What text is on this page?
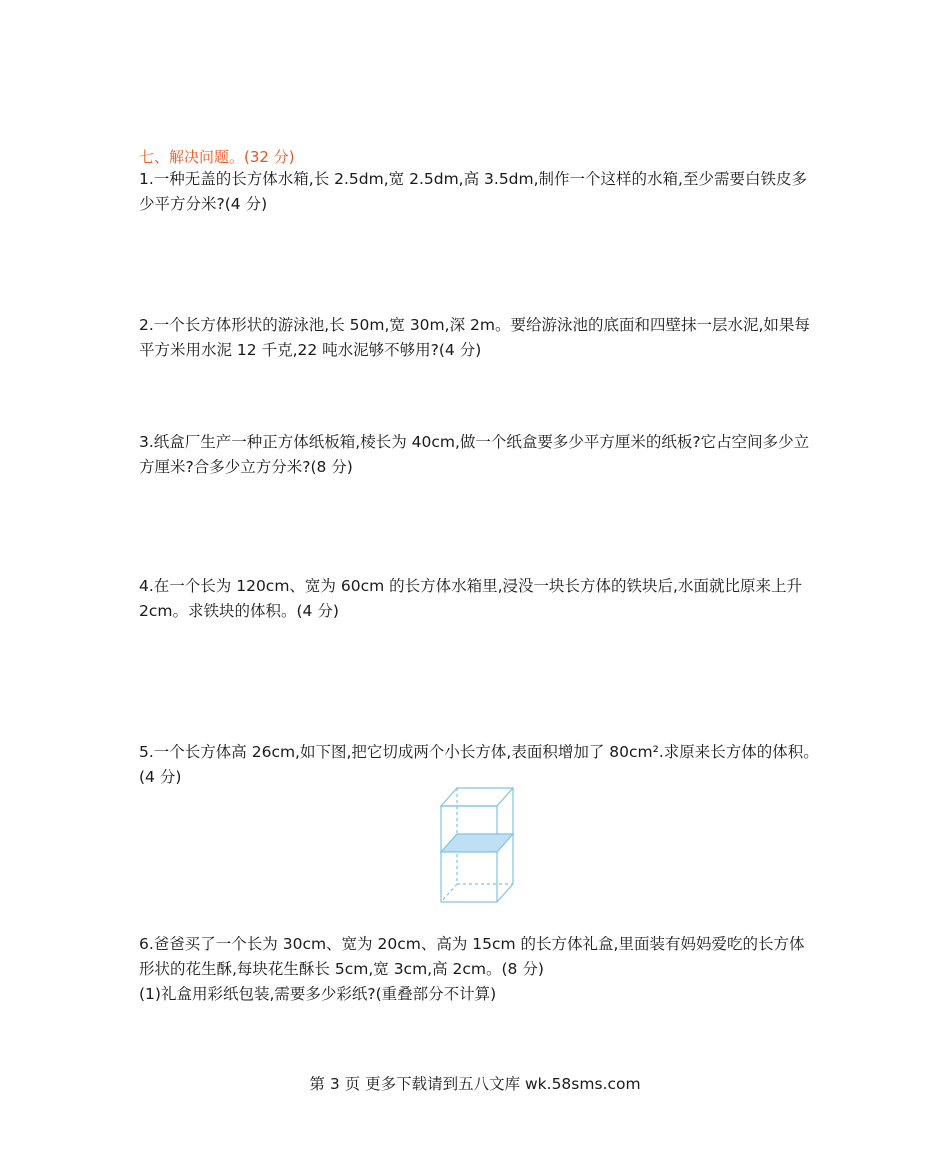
七、解决问题。(32 分)
1.一种无盖的长方体水箱,长 2.5dm,宽 2.5dm,高 3.5dm,制作一个这样的水箱,至少需要白铁皮多少平方分米?(4 分)
2.一个长方体形状的游泳池,长 50m,宽 30m,深 2m。要给游泳池的底面和四壁抹一层水泥,如果每平方米用水泥 12 千克,22 吨水泥够不够用?(4 分)
3.纸盒厂生产一种正方体纸板箱,棱长为 40cm,做一个纸盒要多少平方厘米的纸板?它占空间多少立方厘米?合多少立方分米?(8 分)
4.在一个长为 120cm、宽为 60cm 的长方体水箱里,浸没一块长方体的铁块后,水面就比原来上升 2cm。求铁块的体积。(4 分)
5.一个长方体高 26cm,如下图,把它切成两个小长方体,表面积增加了 80cm².求原来长方体的体积。(4 分)
6.爸爸买了一个长为 30cm、宽为 20cm、高为 15cm 的长方体礼盒,里面装有妈妈爱吃的长方体形状的花生酥,每块花生酥长 5cm,宽 3cm,高 2cm。(8 分)
(1)礼盒用彩纸包装,需要多少彩纸?(重叠部分不计算)
第 3 页 更多下载请到五八文库 wk.58sms.com
